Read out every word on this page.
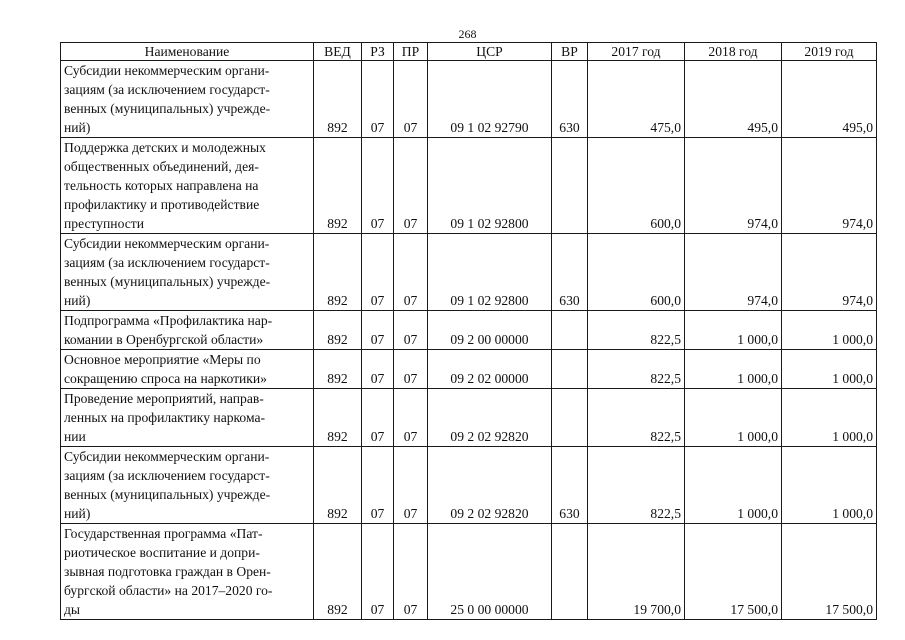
268
Наименование	ВЕД	РЗ	ПР	ЦСР	ВР	2017 год	2018 год	2019 год

Субсидии некоммерческим органи-
зациям (за исключением государст-
венных (муниципальных) учрежде-
ний)	892	07	07	09 1 02 92790	630	475,0	495,0	495,0

Поддержка детских и молодежных
общественных объединений, дея-
тельность которых направлена на
профилактику и противодействие
преступности	892	07	07	09 1 02 92800		600,0	974,0	974,0

Субсидии некоммерческим органи-
зациям (за исключением государст-
венных (муниципальных) учрежде-
ний)	892	07	07	09 1 02 92800	630	600,0	974,0	974,0

Подпрограмма «Профилактика нар-
комании в Оренбургской области»	892	07	07	09 2 00 00000		822,5	1 000,0	1 000,0

Основное мероприятие «Меры по
сокращению спроса на наркотики»	892	07	07	09 2 02 00000		822,5	1 000,0	1 000,0

Проведение мероприятий, направ-
ленных на профилактику наркома-
нии	892	07	07	09 2 02 92820		822,5	1 000,0	1 000,0

Субсидии некоммерческим органи-
зациям (за исключением государст-
венных (муниципальных) учрежде-
ний)	892	07	07	09 2 02 92820	630	822,5	1 000,0	1 000,0

Государственная программа «Пат-
риотическое воспитание и допри-
зывная подготовка граждан в Орен-
бургской области» на 2017–2020 го-
ды	892	07	07	25 0 00 00000		19 700,0	17 500,0	17 500,0
